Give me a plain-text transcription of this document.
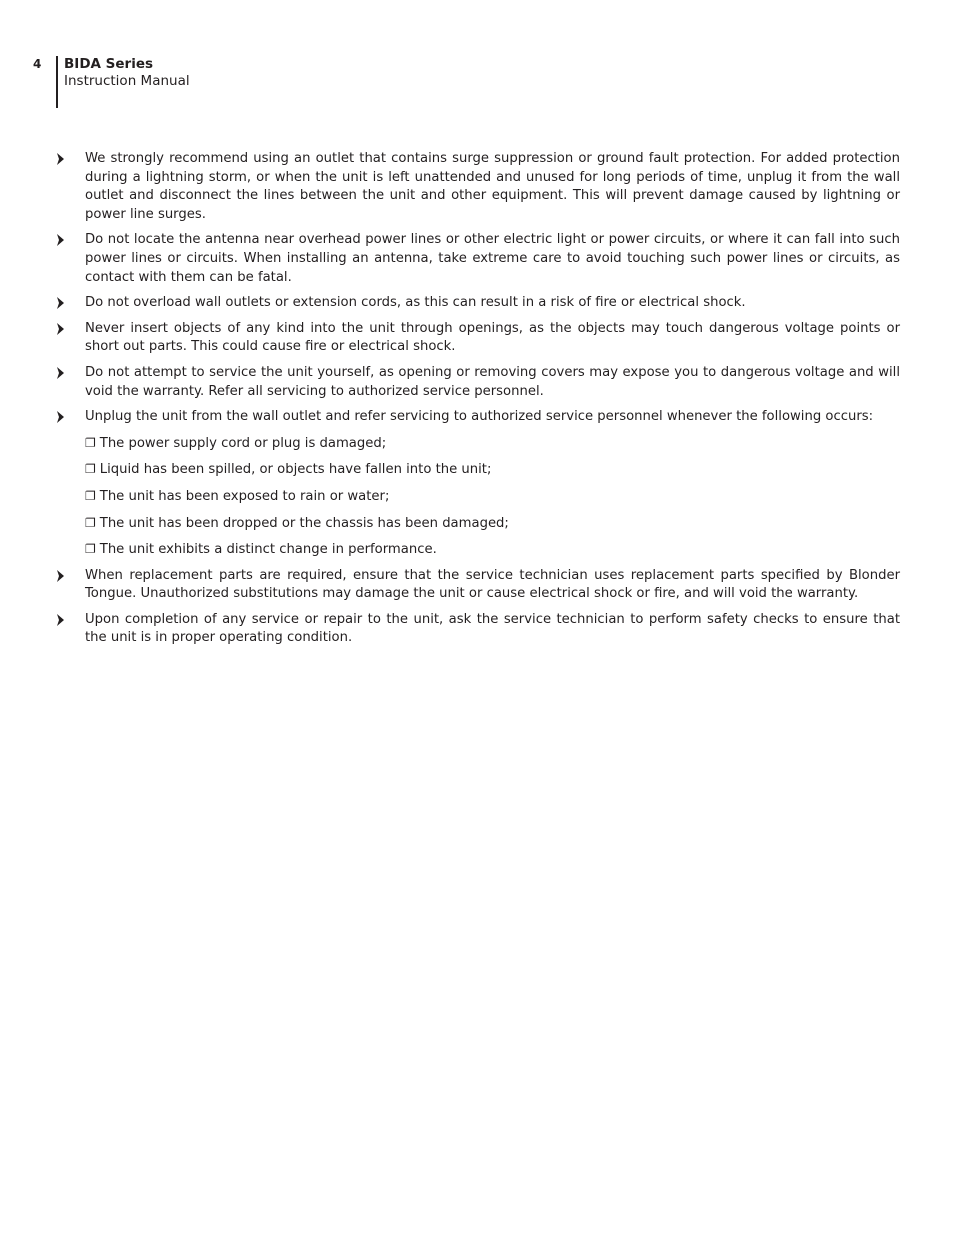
4 BIDA Series
Instruction Manual
We strongly recommend using an outlet that contains surge suppression or ground fault protection. For added protection during a lightning storm, or when the unit is left unattended and unused for long periods of time, unplug it from the wall outlet and disconnect the lines between the unit and other equipment. This will prevent damage caused by lightning or power line surges.
Do not locate the antenna near overhead power lines or other electric light or power circuits, or where it can fall into such power lines or circuits. When installing an antenna, take extreme care to avoid touching such power lines or circuits, as contact with them can be fatal.
Do not overload wall outlets or extension cords, as this can result in a risk of fire or electrical shock.
Never insert objects of any kind into the unit through openings, as the objects may touch dangerous voltage points or short out parts. This could cause fire or electrical shock.
Do not attempt to service the unit yourself, as opening or removing covers may expose you to dangerous voltage and will void the warranty. Refer all servicing to authorized service personnel.
Unplug the unit from the wall outlet and refer servicing to authorized service personnel whenever the following occurs:
❐ The power supply cord or plug is damaged;
❐ Liquid has been spilled, or objects have fallen into the unit;
❐ The unit has been exposed to rain or water;
❐ The unit has been dropped or the chassis has been damaged;
❐ The unit exhibits a distinct change in performance.
When replacement parts are required, ensure that the service technician uses replacement parts specified by Blonder Tongue. Unauthorized substitutions may damage the unit or cause electrical shock or fire, and will void the warranty.
Upon completion of any service or repair to the unit, ask the service technician to perform safety checks to ensure that the unit is in proper operating condition.
